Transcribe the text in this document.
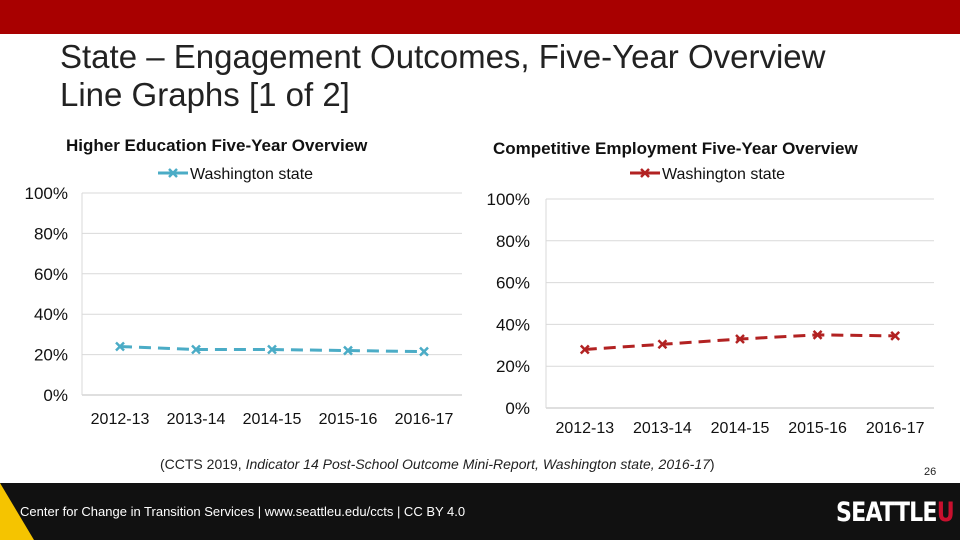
State – Engagement Outcomes, Five-Year Overview
Line Graphs [1 of 2]
Higher Education Five-Year Overview	Competitive Employment Five-Year Overview
0%
20%
40%
60%
80%
100%
2012-13 2013-14 2014-15 2015-16 2016-17
Washington state
0%
20%
40%
60%
80%
100%
2012-13 2013-14 2014-15 2015-16 2016-17
Washington state
(CCTS 2019, Indicator 14 Post-School Outcome Mini-Report, Washington state, 2016-17)	26
Center for Change in Transition Services | www.seattleu.edu/ccts | CC BY 4.0	SEATTLEU
